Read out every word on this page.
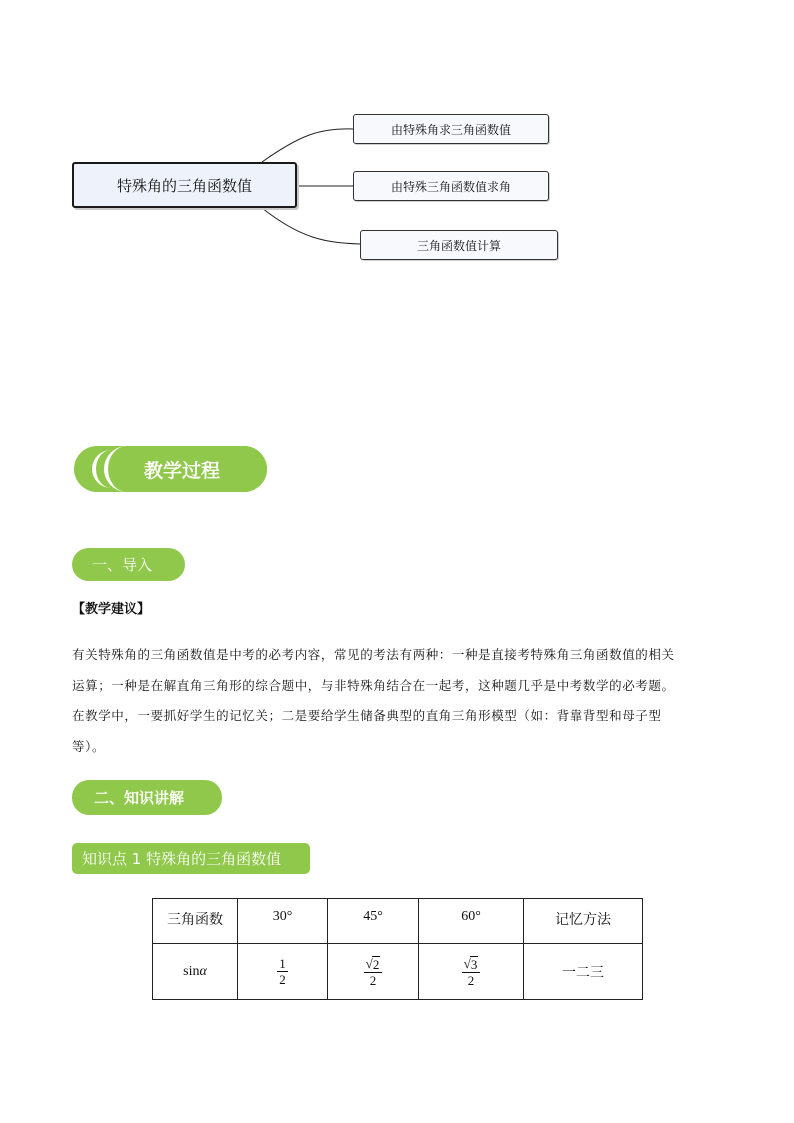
特殊角的三角函数值
由特殊角求三角函数值
由特殊三角函数值求角
三角函数值计算
教学过程
一、导入
【教学建议】
有关特殊角的三角函数值是中考的必考内容，常见的考法有两种：一种是直接考特殊角三角函数值的相关
运算；一种是在解直角三角形的综合题中，与非特殊角结合在一起考，这种题几乎是中考数学的必考题。
在教学中，一要抓好学生的记忆关；二是要给学生储备典型的直角三角形模型（如：背靠背型和母子型
等）。
二、知识讲解
知识点 1 特殊角的三角函数值
三角函数	30°	45°	60°	记忆方法
sinα	$\frac{1}{2}$	$\frac{√ 2}{2}$	$\frac{√ 3}{2}$	一二三
